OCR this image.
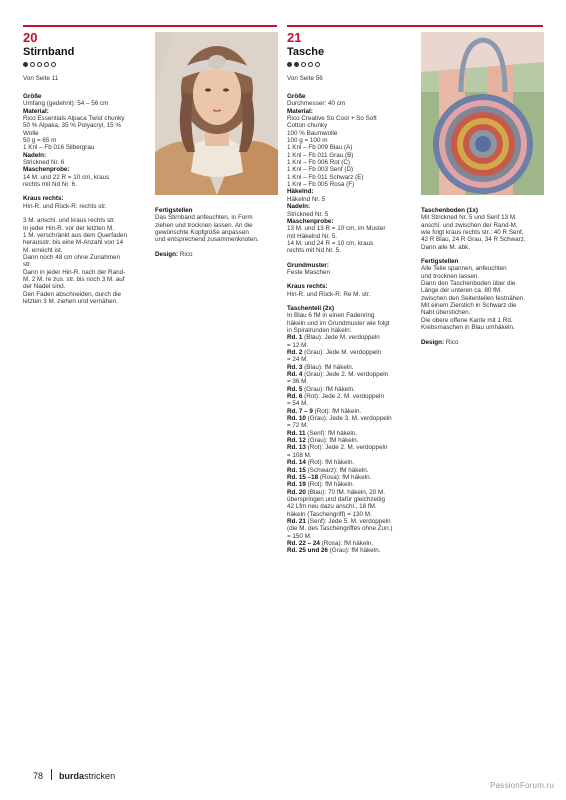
20
Stirnband
Von Seite 11

Größe

Umfang (gedehnt): 54 – 56 cm

Material:

Rico Essentials Alpaca Twist chunky

50 % Alpaka, 35 % Polyacryl, 15 %

Wolle

50 g = 65 m

1 Knl – Fb 016 Silbergrau

Nadeln:

Strickned Nr. 6

Maschenprobe:

14 M. und 22 R = 10 cm, kraus

rechts mit Nd Nr. 6.

Kraus rechts:

Hin-R. und Rück-R: rechts str.

3 M. anschl. und kraus rechts str.

In jeder Hin-R. vor der letzten M.

1 M. verschränkt aus dem Querfaden

herausstr. bis eine M-Anzahl von 14

M. erreicht ist.

Dann noch 48 cm ohne Zunahmen

str.

Dann in jeder Hin-R. nach der Rand-

M. 2 M. re zus. str. bis noch 3 M. auf

der Nadel sind.

Den Faden abschneiden, durch die

letzten 3 M. ziehen und vernähen.

Fertigstellen

Das Stirnband anfeuchten, in Form

ziehen und trocknen lassen. An die

gewünschte Kopfgröße anpassen

und entsprechend zusammenknoten.

Design: Rico

21
Tasche
Von Seite 56

Größe

Durchmesser: 40 cm

Material:

Rico Creative So Cool + So Soft

Cotton chunky

100 % Baumwolle

100 g = 100 m

1 Knl – Fb 009 Blau (A)

1 Knl – Fb 011 Grau (B)

1 Knl – Fb 006 Rot (C)

1 Knl – Fb 003 Senf (D)

1 Knl – Fb 011 Schwarz (E)

1 Knl – Fb 005 Rosa (F)

Häkelnd:

Häkelnd Nr. 5

Nadeln:

Strickned Nr. 5

Maschenprobe:

13 M. und 13 R = 10 cm, im Muster

mit Häkelnd Nr. 5.

14 M. und 24 R = 10 cm, kraus

rechts mit Nd Nr. 5.

Grundmuster:

Feste Maschen

Kraus rechts:

Hin-R. und Rück-R: Re M. str.

Taschenteil (2x)

In Blau 6 fM in einen Fadenring

häkeln und im Grundmuster wie folgt

in Spiralrunden häkeln:

Rd. 1 (Blau): Jede M. verdoppeln

= 12 M.

Rd. 2 (Grau): Jede M. verdoppeln

= 24 M.

Rd. 3 (Blau): fM häkeln.

Rd. 4 (Grau): Jede 2. M. verdoppeln

= 36 M.

Rd. 5 (Grau): fM häkeln.

Rd. 6 (Rot): Jede 2. M. verdoppeln

= 54 M.

Rd. 7 – 9 (Rot): fM häkeln.

Rd. 10 (Grau): Jede 3. M. verdoppeln

= 72 M.

Rd. 11 (Senf): fM häkeln.

Rd. 12 (Grau): fM häkeln.

Rd. 13 (Rot): Jede 2. M. verdoppeln

= 108 M.

Rd. 14 (Rot): fM häkeln.

Rd. 15 (Schwarz): fM häkeln.

Rd. 15 –18 (Rosa): fM häkeln.

Rd. 19 (Rot): fM häkeln.

Rd. 20 (Blau): 70 fM. häkeln, 20 M.

überspringen und dafür gleichzeitig

42 Lfm neu dazu anschl., 18 fM.

häkeln (Taschengriff) = 130 M.

Rd. 21 (Senf): Jede 5. M. verdoppeln

(die M. des Taschengriffes ohne Zun.)

= 150 M.

Rd. 22 – 24 (Rosa): fM häkeln.

Rd. 25 und 26 (Grau): fM häkeln.

Taschenboden (1x)

Mit Strickned Nr. 5 und Senf 13 M.

anschl. und zwischen der Rand-M.

wie folgt kraus rechts str.: 40 R Senf,

42 R Blau, 24 R Grau, 34 R Schwarz.

Dann alle M. abk.

Fertigstellen

Alle Teile spannen, anfeuchten

und trocknen lassen.

Dann den Taschenboden über die

Länge der unteren ca. 80 fM.

zwischen den Seitenteilen festnähen.

Mit einem Zierstich in Schwarz die

Naht überstichen.

Die obere offene Kante mit 1 Rd.

Krebsmaschen in Blau umhäkeln.

Design: Rico

78 burdastricken
PassionForum.ru
